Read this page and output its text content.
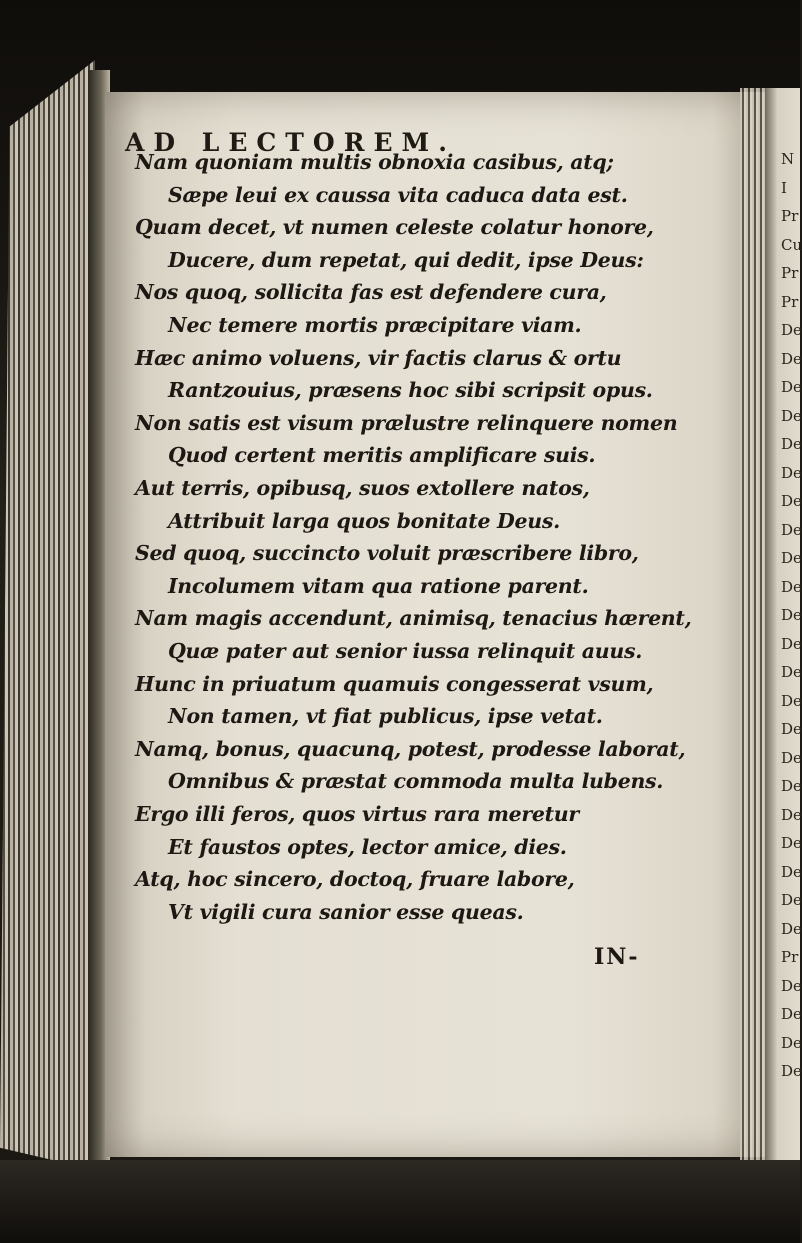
AD LECTOREM.
Nam quoniam multis obnoxia casibus, atq;
Sæpe leui ex caussa vita caduca data est.
Quam decet, vt numen celeste colatur honore,
Ducere, dum repetat, qui dedit, ipse Deus:
Nos quoq, sollicita fas est defendere cura,
Nec temere mortis præcipitare viam.
Hæc animo voluens, vir factis clarus & ortu
Rantzouius, præsens hoc sibi scripsit opus.
Non satis est visum prælustre relinquere nomen
Quod certent meritis amplificare suis.
Aut terris, opibusq, suos extollere natos,
Attribuit larga quos bonitate Deus.
Sed quoq, succincto voluit præscribere libro,
Incolumem vitam qua ratione parent.
Nam magis accendunt, animisq, tenacius hærent,
Quæ pater aut senior iussa relinquit auus.
Hunc in priuatum quamuis congesserat vsum,
Non tamen, vt fiat publicus, ipse vetat.
Namq, bonus, quacunq, potest, prodesse laborat,
Omnibus & præstat commoda multa lubens.
Ergo illi feros, quos virtus rara meretur
Et faustos optes, lector amice, dies.
Atq, hoc sincero, doctoq, fruare labore,
Vt vigili cura sanior esse queas.
IN-
N
I
Pr
Cu
Pr
Pr
De
De
De
De
De
De
De
De
De
De
De
De
De
De
De
De
De
De
De
De
De
De
Pr
De
De
De
De
